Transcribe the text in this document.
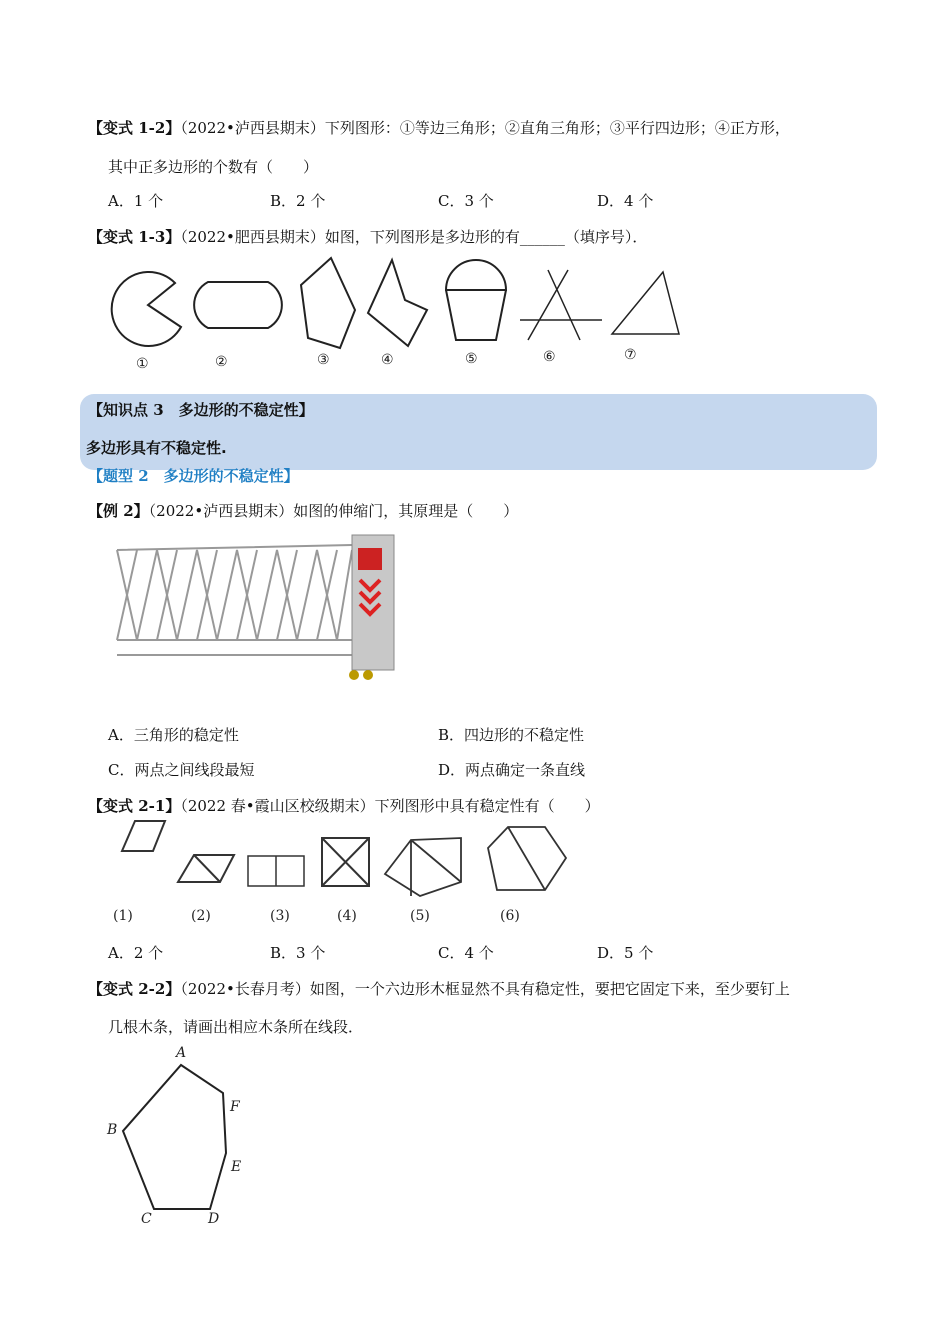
【变式 1-2】（2022•泸西县期末）下列图形：①等边三角形；②直角三角形；③平行四边形；④正方形，
其中正多边形的个数有（　　）
A．1 个	B．2 个	C．3 个	D．4 个
【变式 1-3】（2022•肥西县期末）如图，下列图形是多边形的有______（填序号）．
①	②	③	④	⑤	⑥	⑦
【知识点 3　多边形的不稳定性】
多边形具有不稳定性.
【题型 2　多边形的不稳定性】
【例 2】（2022•泸西县期末）如图的伸缩门，其原理是（　　）
A．三角形的稳定性	B．四边形的不稳定性
C．两点之间线段最短	D．两点确定一条直线
【变式 2-1】（2022 春•霞山区校级期末）下列图形中具有稳定性有（　　）
(1)	(2)	(3)	(4)	(5)	(6)
A．2 个	B．3 个	C．4 个	D．5 个
【变式 2-2】（2022•长春月考）如图，一个六边形木框显然不具有稳定性，要把它固定下来，至少要钉上
几根木条，请画出相应木条所在线段．
A
B
C	D
E
F
